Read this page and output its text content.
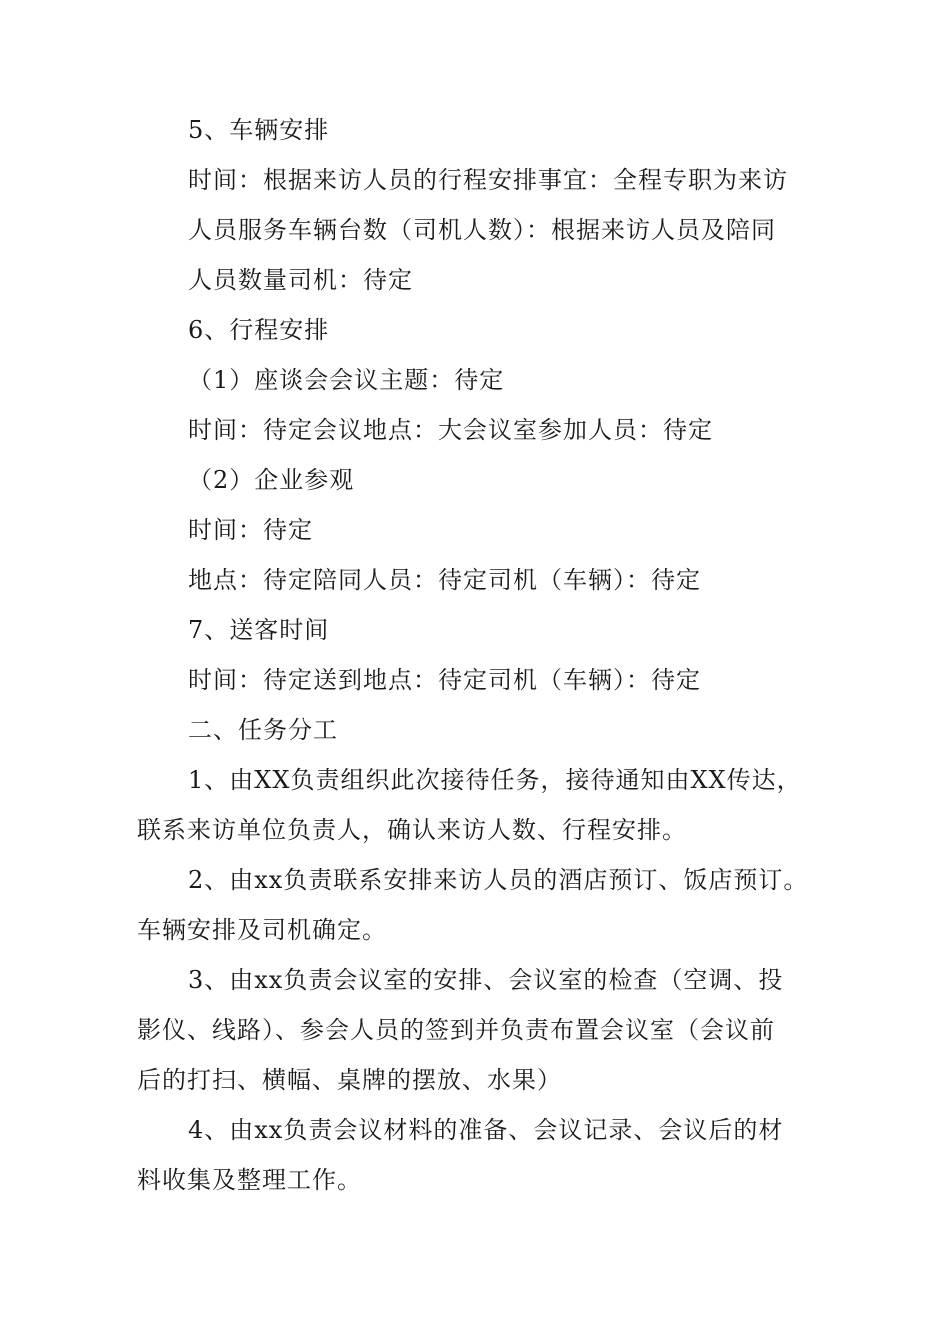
5、车辆安排
时间：根据来访人员的行程安排事宜：全程专职为来访
人员服务车辆台数（司机人数）：根据来访人员及陪同
人员数量司机：待定
6、行程安排
（1）座谈会会议主题：待定
时间：待定会议地点：大会议室参加人员：待定
（2）企业参观
时间：待定
地点：待定陪同人员：待定司机（车辆）：待定
7、送客时间
时间：待定送到地点：待定司机（车辆）：待定
二、任务分工
1、由XX负责组织此次接待任务，接待通知由XX传达，
联系来访单位负责人，确认来访人数、行程安排。
2、由xx负责联系安排来访人员的酒店预订、饭店预订。
车辆安排及司机确定。
3、由xx负责会议室的安排、会议室的检查（空调、投
影仪、线路）、参会人员的签到并负责布置会议室（会议前
后的打扫、横幅、桌牌的摆放、水果）
4、由xx负责会议材料的准备、会议记录、会议后的材
料收集及整理工作。
